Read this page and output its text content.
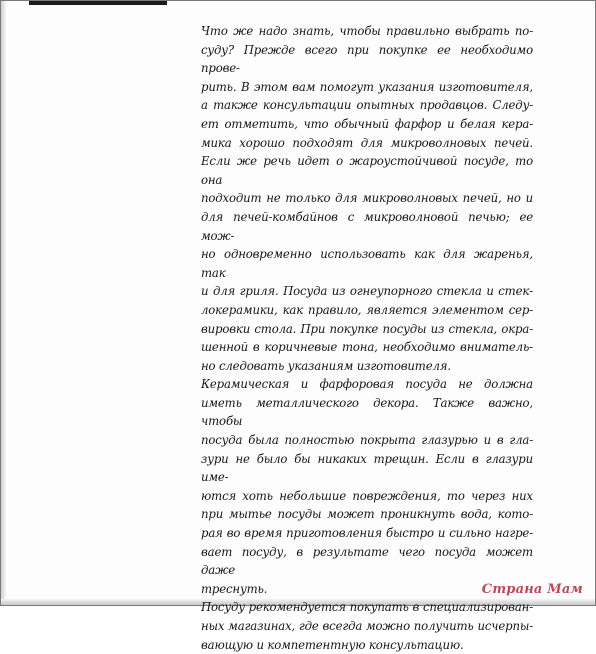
Что же надо знать, чтобы правильно выбрать по-
суду? Прежде всего при покупке ее необходимо прове-
рить. В этом вам помогут указания изготовителя,
а также консультации опытных продавцов. Следу-
ет отметить, что обычный фарфор и белая кера-
мика хорошо подходят для микроволновых печей.
Если же речь идет о жароустойчивой посуде, то она
подходит не только для микроволновых печей, но и
для печей-комбайнов с микроволновой печью; ее мож-
но одновременно использовать как для жаренья, так
и для гриля. Посуда из огнеупорного стекла и стек-
локерамики, как правило, является элементом сер-
вировки стола. При покупке посуды из стекла, окра-
шенной в коричневые тона, необходимо вниматель-
но следовать указаниям изготовителя.
Керамическая и фарфоровая посуда не должна
иметь металлического декора. Также важно, чтобы
посуда была полностью покрыта глазурью и в гла-
зури не было бы никаких трещин. Если в глазури име-
ются хоть небольшие повреждения, то через них
при мытье посуды может проникнуть вода, кото-
рая во время приготовления быстро и сильно нагре-
вает посуду, в результате чего посуда может даже
треснуть.
Посуду рекомендуется покупать в специализирован-
ных магазинах, где всегда можно получить исчерпы-
вающую и компетентную консультацию.
Страна Мам
